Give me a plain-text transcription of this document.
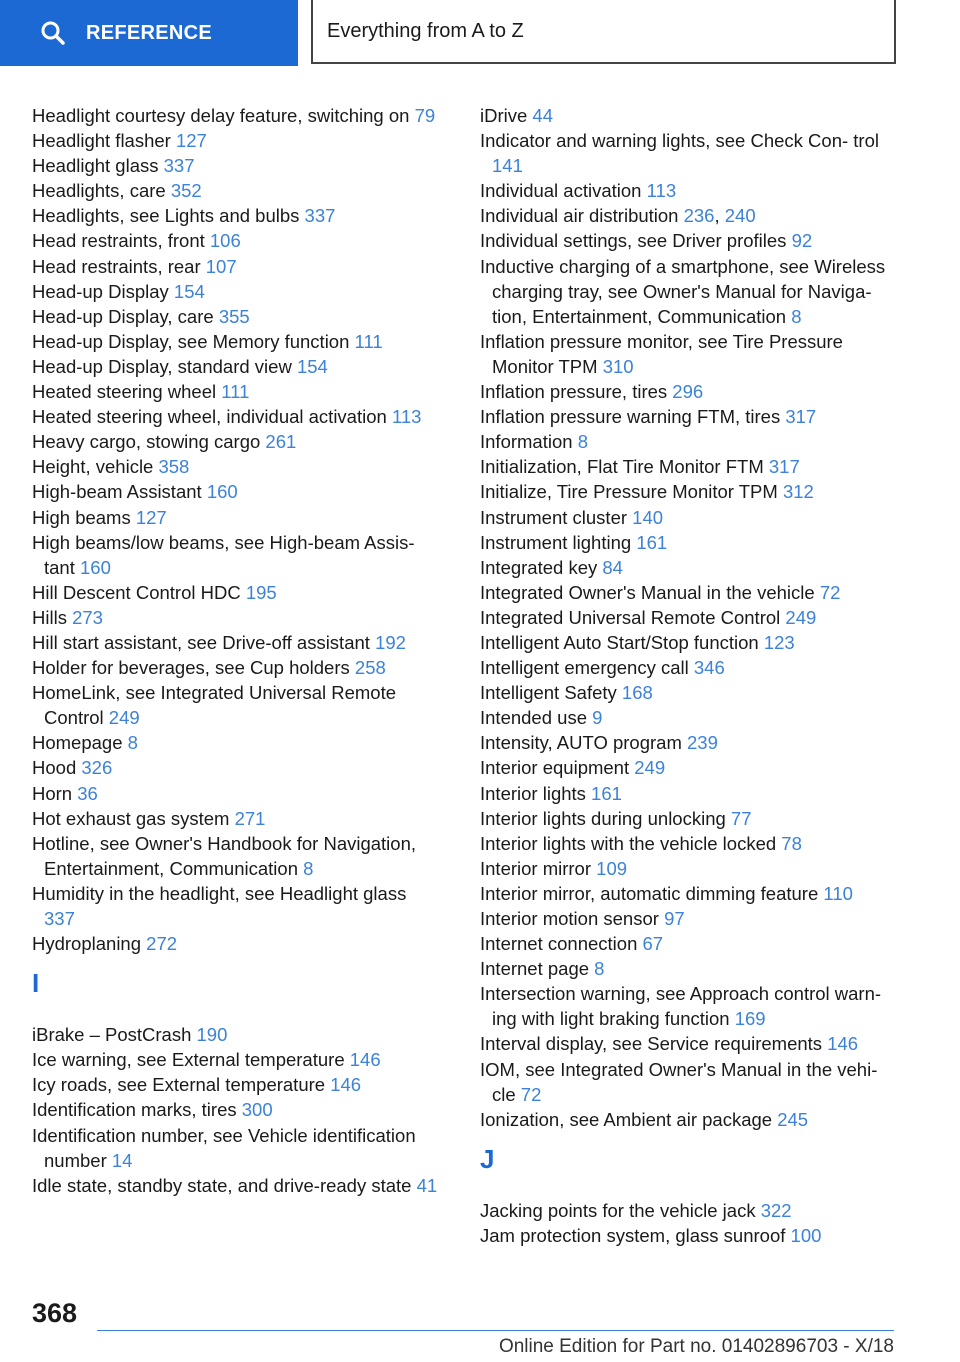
REFERENCE	Everything from A to Z
Headlight courtesy delay feature, switching on 79
Headlight flasher 127
Headlight glass 337
Headlights, care 352
Headlights, see Lights and bulbs 337
Head restraints, front 106
Head restraints, rear 107
Head-up Display 154
Head-up Display, care 355
Head-up Display, see Memory function 111
Head-up Display, standard view 154
Heated steering wheel 111
Heated steering wheel, individual activation 113
Heavy cargo, stowing cargo 261
Height, vehicle 358
High-beam Assistant 160
High beams 127
High beams/low beams, see High-beam Assis- tant 160
Hill Descent Control HDC 195
Hills 273
Hill start assistant, see Drive-off assistant 192
Holder for beverages, see Cup holders 258
HomeLink, see Integrated Universal Remote Control 249
Homepage 8
Hood 326
Horn 36
Hot exhaust gas system 271
Hotline, see Owner's Handbook for Navigation, Entertainment, Communication 8
Humidity in the headlight, see Headlight glass 337
Hydroplaning 272
I
iBrake – PostCrash 190
Ice warning, see External temperature 146
Icy roads, see External temperature 146
Identification marks, tires 300
Identification number, see Vehicle identification number 14
Idle state, standby state, and drive-ready state 41
iDrive 44
Indicator and warning lights, see Check Con- trol 141
Individual activation 113
Individual air distribution 236, 240
Individual settings, see Driver profiles 92
Inductive charging of a smartphone, see Wireless charging tray, see Owner's Manual for Naviga- tion, Entertainment, Communication 8
Inflation pressure monitor, see Tire Pressure Monitor TPM 310
Inflation pressure, tires 296
Inflation pressure warning FTM, tires 317
Information 8
Initialization, Flat Tire Monitor FTM 317
Initialize, Tire Pressure Monitor TPM 312
Instrument cluster 140
Instrument lighting 161
Integrated key 84
Integrated Owner's Manual in the vehicle 72
Integrated Universal Remote Control 249
Intelligent Auto Start/Stop function 123
Intelligent emergency call 346
Intelligent Safety 168
Intended use 9
Intensity, AUTO program 239
Interior equipment 249
Interior lights 161
Interior lights during unlocking 77
Interior lights with the vehicle locked 78
Interior mirror 109
Interior mirror, automatic dimming feature 110
Interior motion sensor 97
Internet connection 67
Internet page 8
Intersection warning, see Approach control warn- ing with light braking function 169
Interval display, see Service requirements 146
IOM, see Integrated Owner's Manual in the vehi- cle 72
Ionization, see Ambient air package 245
J
Jacking points for the vehicle jack 322
Jam protection system, glass sunroof 100
368
Online Edition for Part no. 01402896703 - X/18
